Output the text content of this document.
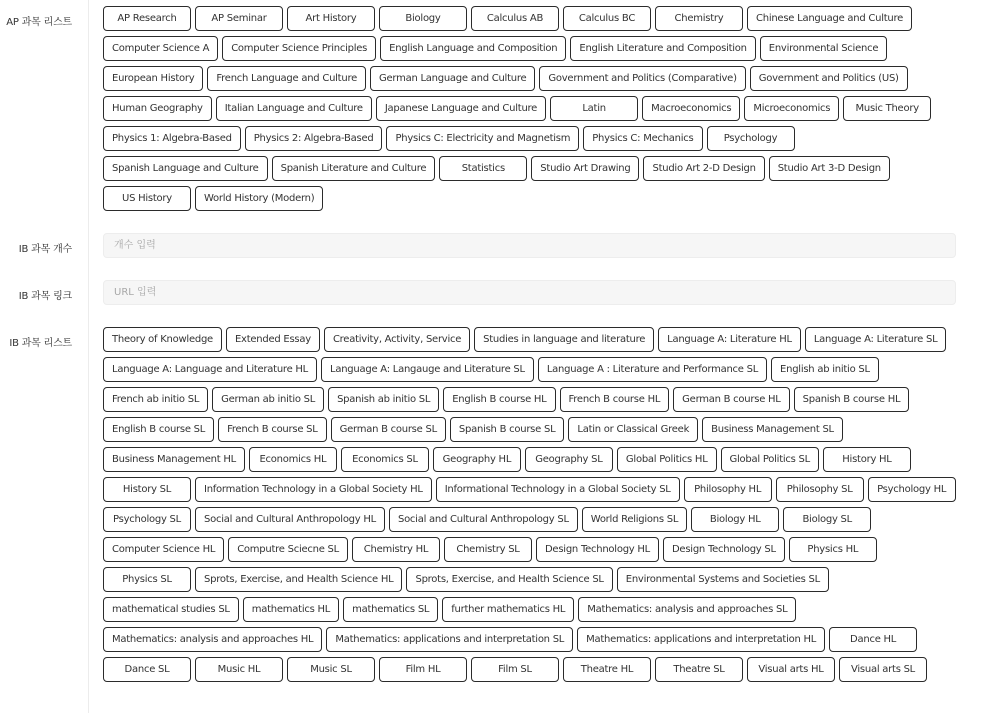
AP 과목 리스트
IB 과목 개수
IB 과목 링크
IB 과목 리스트
AP Research	AP Seminar	Art History	Biology	Calculus AB	Calculus BC	Chemistry	Chinese Language and Culture
Computer Science A	Computer Science Principles	English Language and Composition	English Literature and Composition	Environmental Science
European History	French Language and Culture	German Language and Culture	Government and Politics (Comparative)	Government and Politics (US)
Human Geography	Italian Language and Culture	Japanese Language and Culture	Latin	Macroeconomics	Microeconomics	Music Theory
Physics 1: Algebra-Based	Physics 2: Algebra-Based	Physics C: Electricity and Magnetism	Physics C: Mechanics	Psychology
Spanish Language and Culture	Spanish Literature and Culture	Statistics	Studio Art Drawing	Studio Art 2-D Design	Studio Art 3-D Design
US History	World History (Modern)
개수 입력
URL 입력
Theory of Knowledge	Extended Essay	Creativity, Activity, Service	Studies in language and literature	Language A: Literature HL	Language A: Literature SL
Language A: Language and Literature HL	Language A: Langauge and Literature SL	Language A : Literature and Performance SL	English ab initio SL
French ab initio SL	German ab initio SL	Spanish ab initio SL	English B course HL	French B course HL	German B course HL	Spanish B course HL
English B course SL	French B course SL	German B course SL	Spanish B course SL	Latin or Classical Greek	Business Management SL
Business Management HL	Economics HL	Economics SL	Geography HL	Geography SL	Global Politics HL	Global Politics SL	History HL
History SL	Information Technology in a Global Society HL	Informational Technology in a Global Society SL	Philosophy HL	Philosophy SL	Psychology HL
Psychology SL	Social and Cultural Anthropology HL	Social and Cultural Anthropology SL	World Religions SL	Biology HL	Biology SL
Computer Science HL	Computre Sciecne SL	Chemistry HL	Chemistry SL	Design Technology HL	Design Technology SL	Physics HL
Physics SL	Sprots, Exercise, and Health Science HL	Sprots, Exercise, and Health Science SL	Environmental Systems and Societies SL
mathematical studies SL	mathematics HL	mathematics SL	further mathematics HL	Mathematics: analysis and approaches SL
Mathematics: analysis and approaches HL	Mathematics: applications and interpretation SL	Mathematics: applications and interpretation HL	Dance HL
Dance SL	Music HL	Music SL	Film HL	Film SL	Theatre HL	Theatre SL	Visual arts HL	Visual arts SL
